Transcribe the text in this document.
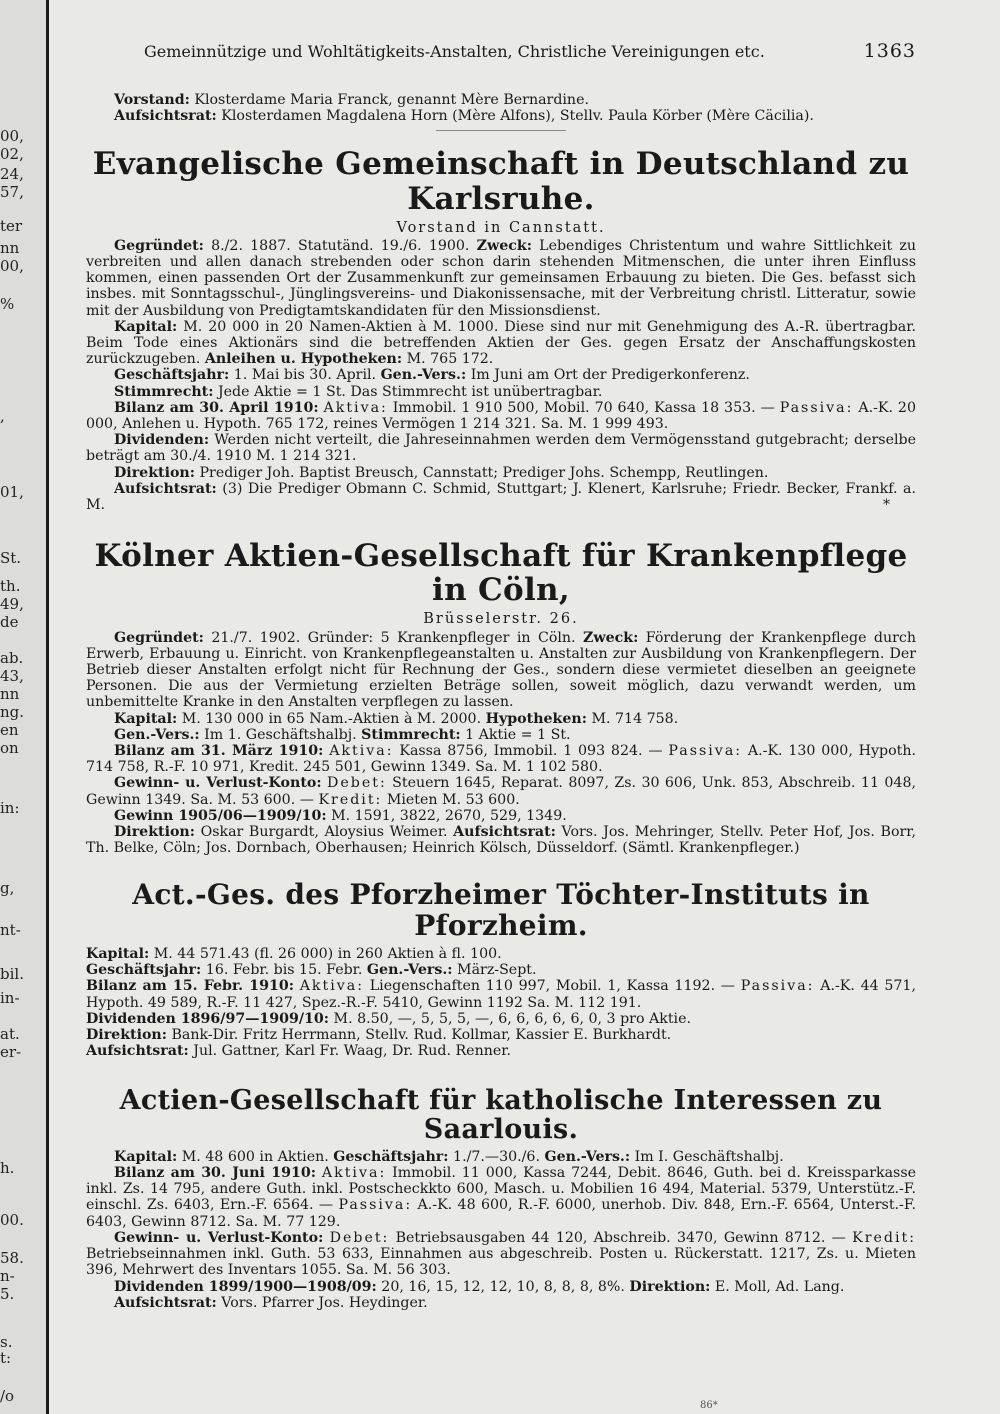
00,
02,
24,
57,
ter
nn
00,
%
,
01,
St.
th.
49,
de
ab.
43,
nn
ng.
en
on
in:
g,
nt-
bil.
in-
at.
er-
h.
00.
58.
n-
5.
s.
t:
/o
Gemeinnützige und Wohltätigkeits-Anstalten, Christliche Vereinigungen etc.	1363

Vorstand: Klosterdame Maria Franck, genannt Mère Bernardine.

Aufsichtsrat: Klosterdamen Magdalena Horn (Mère Alfons), Stellv. Paula Körber (Mère Cäcilia).

Evangelische Gemeinschaft in Deutschland zu Karlsruhe.

Vorstand in Cannstatt.

Gegründet: 8./2. 1887. Statutänd. 19./6. 1900. Zweck: Lebendiges Christentum und wahre Sittlichkeit zu verbreiten und allen danach strebenden oder schon darin stehenden Mitmenschen, die unter ihren Einfluss kommen, einen passenden Ort der Zusammenkunft zur gemeinsamen Erbauung zu bieten. Die Ges. befasst sich insbes. mit Sonntagsschul-, Jünglingsvereins- und Diakonissensache, mit der Verbreitung christl. Litteratur, sowie mit der Ausbildung von Predigtamtskandidaten für den Missionsdienst.

Kapital: M. 20 000 in 20 Namen-Aktien à M. 1000. Diese sind nur mit Genehmigung des A.-R. übertragbar. Beim Tode eines Aktionärs sind die betreffenden Aktien der Ges. gegen Ersatz der Anschaffungskosten zurückzugeben. Anleihen u. Hypotheken: M. 765 172.

Geschäftsjahr: 1. Mai bis 30. April. Gen.-Vers.: Im Juni am Ort der Predigerkonferenz.

Stimmrecht: Jede Aktie = 1 St. Das Stimmrecht ist unübertragbar.

Bilanz am 30. April 1910: Aktiva: Immobil. 1 910 500, Mobil. 70 640, Kassa 18 353. — Passiva: A.-K. 20 000, Anlehen u. Hypoth. 765 172, reines Vermögen 1 214 321. Sa. M. 1 999 493.

Dividenden: Werden nicht verteilt, die Jahreseinnahmen werden dem Vermögensstand gutgebracht; derselbe beträgt am 30./4. 1910 M. 1 214 321.

Direktion: Prediger Joh. Baptist Breusch, Cannstatt; Prediger Johs. Schempp, Reutlingen.

Aufsichtsrat: (3) Die Prediger Obmann C. Schmid, Stuttgart; J. Klenert, Karlsruhe; Friedr. Becker, Frankf. a. M.	*

Kölner Aktien-Gesellschaft für Krankenpflege in Cöln,

Brüsselerstr. 26.

Gegründet: 21./7. 1902. Gründer: 5 Krankenpfleger in Cöln. Zweck: Förderung der Krankenpflege durch Erwerb, Erbauung u. Einricht. von Krankenpflegeanstalten u. Anstalten zur Ausbildung von Krankenpflegern. Der Betrieb dieser Anstalten erfolgt nicht für Rechnung der Ges., sondern diese vermietet dieselben an geeignete Personen. Die aus der Vermietung erzielten Beträge sollen, soweit möglich, dazu verwandt werden, um unbemittelte Kranke in den Anstalten verpflegen zu lassen.

Kapital: M. 130 000 in 65 Nam.-Aktien à M. 2000. Hypotheken: M. 714 758.

Gen.-Vers.: Im 1. Geschäftshalbj. Stimmrecht: 1 Aktie = 1 St.

Bilanz am 31. März 1910: Aktiva: Kassa 8756, Immobil. 1 093 824. — Passiva: A.-K. 130 000, Hypoth. 714 758, R.-F. 10 971, Kredit. 245 501, Gewinn 1349. Sa. M. 1 102 580.

Gewinn- u. Verlust-Konto: Debet: Steuern 1645, Reparat. 8097, Zs. 30 606, Unk. 853, Abschreib. 11 048, Gewinn 1349. Sa. M. 53 600. — Kredit: Mieten M. 53 600.

Gewinn 1905/06—1909/10: M. 1591, 3822, 2670, 529, 1349.

Direktion: Oskar Burgardt, Aloysius Weimer. Aufsichtsrat: Vors. Jos. Mehringer, Stellv. Peter Hof, Jos. Borr, Th. Belke, Cöln; Jos. Dornbach, Oberhausen; Heinrich Kölsch, Düsseldorf. (Sämtl. Krankenpfleger.)

Act.-Ges. des Pforzheimer Töchter-Instituts in Pforzheim.

Kapital: M. 44 571.43 (fl. 26 000) in 260 Aktien à fl. 100.

Geschäftsjahr: 16. Febr. bis 15. Febr. Gen.-Vers.: März-Sept.

Bilanz am 15. Febr. 1910: Aktiva: Liegenschaften 110 997, Mobil. 1, Kassa 1192. — Passiva: A.-K. 44 571, Hypoth. 49 589, R.-F. 11 427, Spez.-R.-F. 5410, Gewinn 1192 Sa. M. 112 191.

Dividenden 1896/97—1909/10: M. 8.50, —, 5, 5, 5, —, 6, 6, 6, 6, 6, 0, 3 pro Aktie.

Direktion: Bank-Dir. Fritz Herrmann, Stellv. Rud. Kollmar, Kassier E. Burkhardt.

Aufsichtsrat: Jul. Gattner, Karl Fr. Waag, Dr. Rud. Renner.

Actien-Gesellschaft für katholische Interessen zu Saarlouis.

Kapital: M. 48 600 in Aktien. Geschäftsjahr: 1./7.—30./6. Gen.-Vers.: Im I. Geschäftshalbj.

Bilanz am 30. Juni 1910: Aktiva: Immobil. 11 000, Kassa 7244, Debit. 8646, Guth. bei d. Kreissparkasse inkl. Zs. 14 795, andere Guth. inkl. Postscheckkto 600, Masch. u. Mobilien 16 494, Material. 5379, Unterstütz.-F. einschl. Zs. 6403, Ern.-F. 6564. — Passiva: A.-K. 48 600, R.-F. 6000, unerhob. Div. 848, Ern.-F. 6564, Unterst.-F. 6403, Gewinn 8712. Sa. M. 77 129.

Gewinn- u. Verlust-Konto: Debet: Betriebsausgaben 44 120, Abschreib. 3470, Gewinn 8712. — Kredit: Betriebseinnahmen inkl. Guth. 53 633, Einnahmen aus abgeschreib. Posten u. Rückerstatt. 1217, Zs. u. Mieten 396, Mehrwert des Inventars 1055. Sa. M. 56 303.

Dividenden 1899/1900—1908/09: 20, 16, 15, 12, 12, 10, 8, 8, 8, 8%. Direktion: E. Moll, Ad. Lang.

Aufsichtsrat: Vors. Pfarrer Jos. Heydinger.

86*
